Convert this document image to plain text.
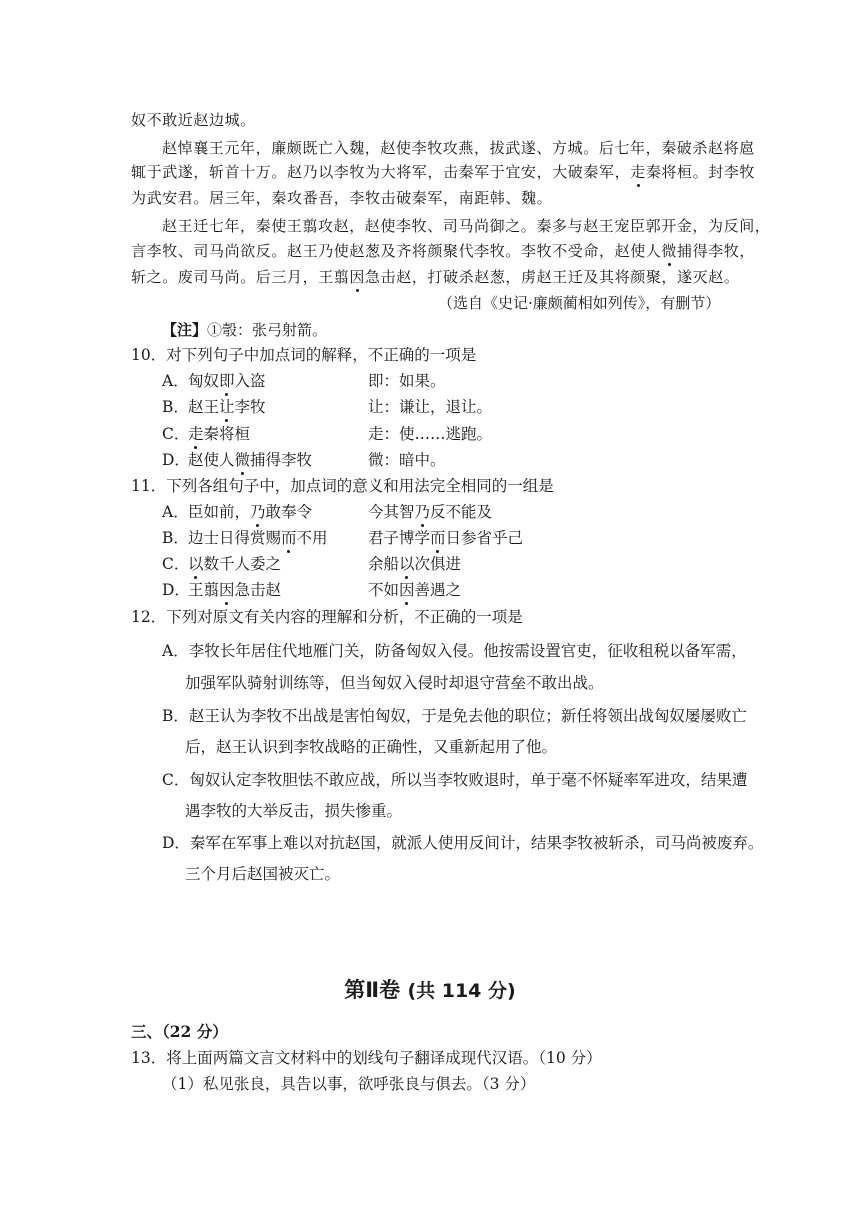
奴不敢近赵边城。
赵悼襄王元年，廉颇既亡入魏，赵使李牧攻燕，拔武遂、方城。后七年，秦破杀赵将扈
辄于武遂，斩首十万。赵乃以李牧为大将军，击秦军于宜安，大破秦军，走秦将桓。封李牧
为武安君。居三年，秦攻番吾，李牧击破秦军，南距韩、魏。
赵王迁七年，秦使王翦攻赵，赵使李牧、司马尚御之。秦多与赵王宠臣郭开金，为反间，
言李牧、司马尚欲反。赵王乃使赵葱及齐将颜聚代李牧。李牧不受命，赵使人微捕得李牧，
斩之。废司马尚。后三月，王翦因急击赵，打破杀赵葱，虏赵王迁及其将颜聚，遂灭赵。
（选自《史记·廉颇蔺相如列传》，有删节）
【注】①彀：张弓射箭。
10．对下列句子中加点词的解释，不正确的一项是
A．匈奴即入盗	即：如果。
B．赵王让李牧	让：谦让，退让。
C．走秦将桓	走：使……逃跑。
D．赵使人微捕得李牧	微：暗中。
11．下列各组句子中，加点词的意义和用法完全相同的一组是
A．臣如前，乃敢奉令	今其智乃反不能及
B．边士日得赏赐而不用	君子博学而日参省乎己
C．以数千人委之	余船以次俱进
D．王翦因急击赵	不如因善遇之
12．下列对原文有关内容的理解和分析，不正确的一项是
A．李牧长年居住代地雁门关，防备匈奴入侵。他按需设置官吏，征收租税以备军需，
加强军队骑射训练等，但当匈奴入侵时却退守营垒不敢出战。
B．赵王认为李牧不出战是害怕匈奴，于是免去他的职位；新任将领出战匈奴屡屡败亡
后，赵王认识到李牧战略的正确性，又重新起用了他。
C．匈奴认定李牧胆怯不敢应战，所以当李牧败退时，单于毫不怀疑率军进攻，结果遭
遇李牧的大举反击，损失惨重。
D．秦军在军事上难以对抗赵国，就派人使用反间计，结果李牧被斩杀，司马尚被废弃。
三个月后赵国被灭亡。
第Ⅱ卷 (共 114 分)
三、（22 分）
13．将上面两篇文言文材料中的划线句子翻译成现代汉语。（10 分）
（1）私见张良，具告以事，欲呼张良与俱去。（3 分）
